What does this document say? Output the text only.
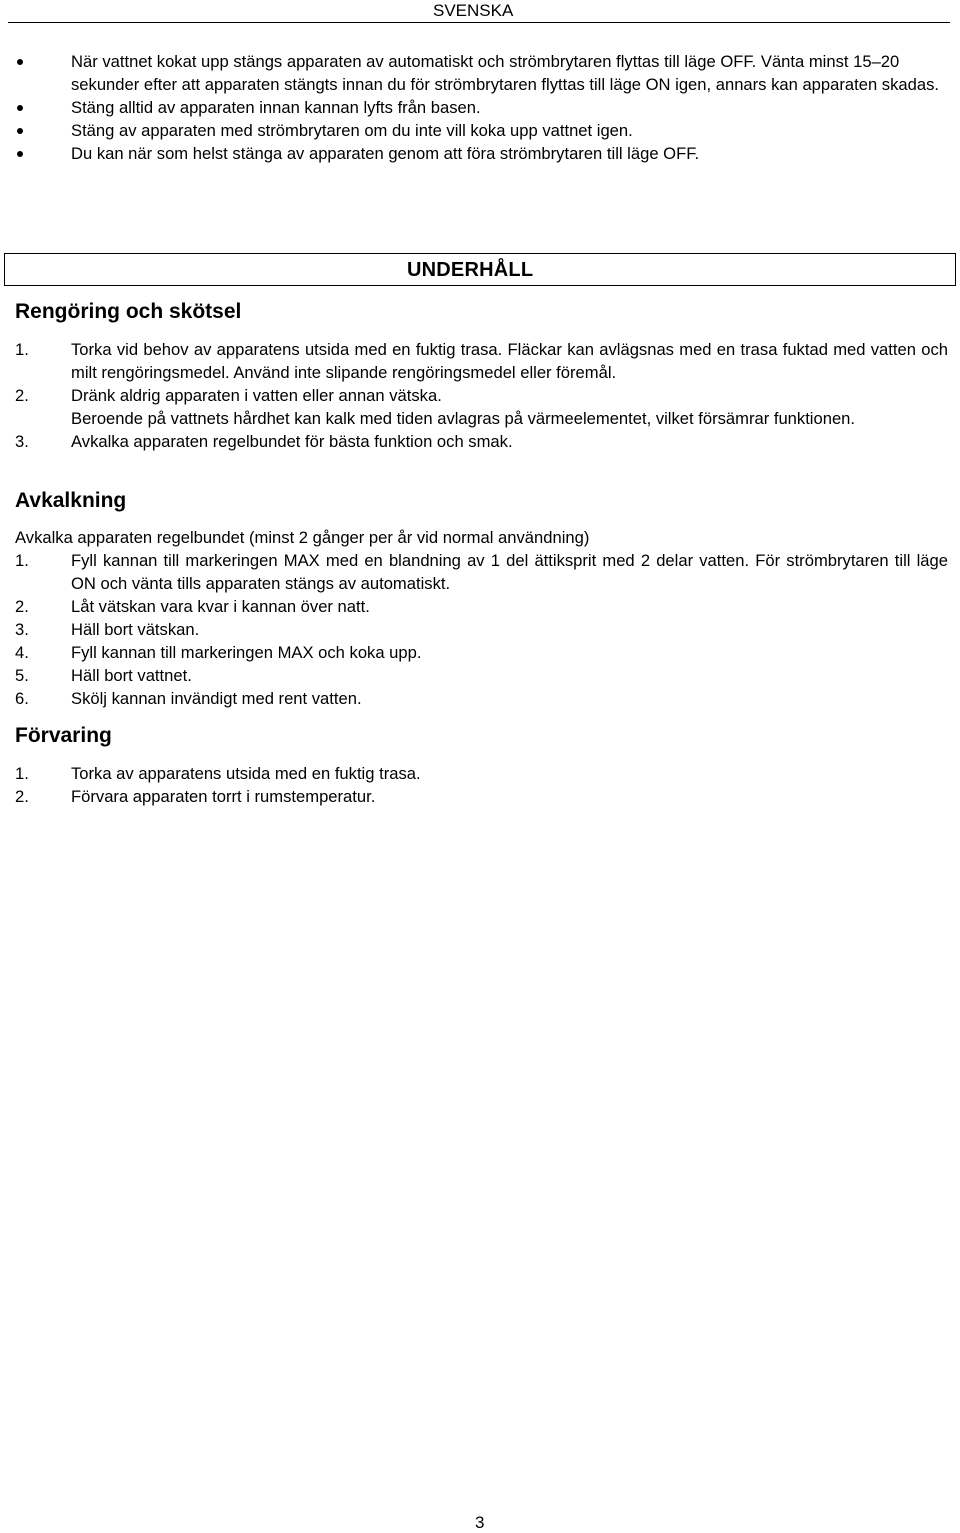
SVENSKA
När vattnet kokat upp stängs apparaten av automatiskt och strömbrytaren flyttas till läge OFF. Vänta minst 15–20 sekunder efter att apparaten stängts innan du för strömbrytaren flyttas till läge ON igen, annars kan apparaten skadas.
Stäng alltid av apparaten innan kannan lyfts från basen.
Stäng av apparaten med strömbrytaren om du inte vill koka upp vattnet igen.
Du kan när som helst stänga av apparaten genom att föra strömbrytaren till läge OFF.
UNDERHÅLL
Rengöring och skötsel
1.	Torka vid behov av apparatens utsida med en fuktig trasa. Fläckar kan avlägsnas med en trasa fuktad med vatten och milt rengöringsmedel. Använd inte slipande rengöringsmedel eller föremål.
2.	Dränk aldrig apparaten i vatten eller annan vätska.
Beroende på vattnets hårdhet kan kalk med tiden avlagras på värmeelementet, vilket försämrar funktionen.
3.	Avkalka apparaten regelbundet för bästa funktion och smak.
Avkalkning
Avkalka apparaten regelbundet (minst 2 gånger per år vid normal användning)
1.	Fyll kannan till markeringen MAX med en blandning av 1 del ättiksprit med 2 delar vatten. För strömbrytaren till läge ON och vänta tills apparaten stängs av automatiskt.
2.	Låt vätskan vara kvar i kannan över natt.
3.	Häll bort vätskan.
4.	Fyll kannan till markeringen MAX och koka upp.
5.	Häll bort vattnet.
6.	Skölj kannan invändigt med rent vatten.
Förvaring
1.	Torka av apparatens utsida med en fuktig trasa.
2.	Förvara apparaten torrt i rumstemperatur.
3
